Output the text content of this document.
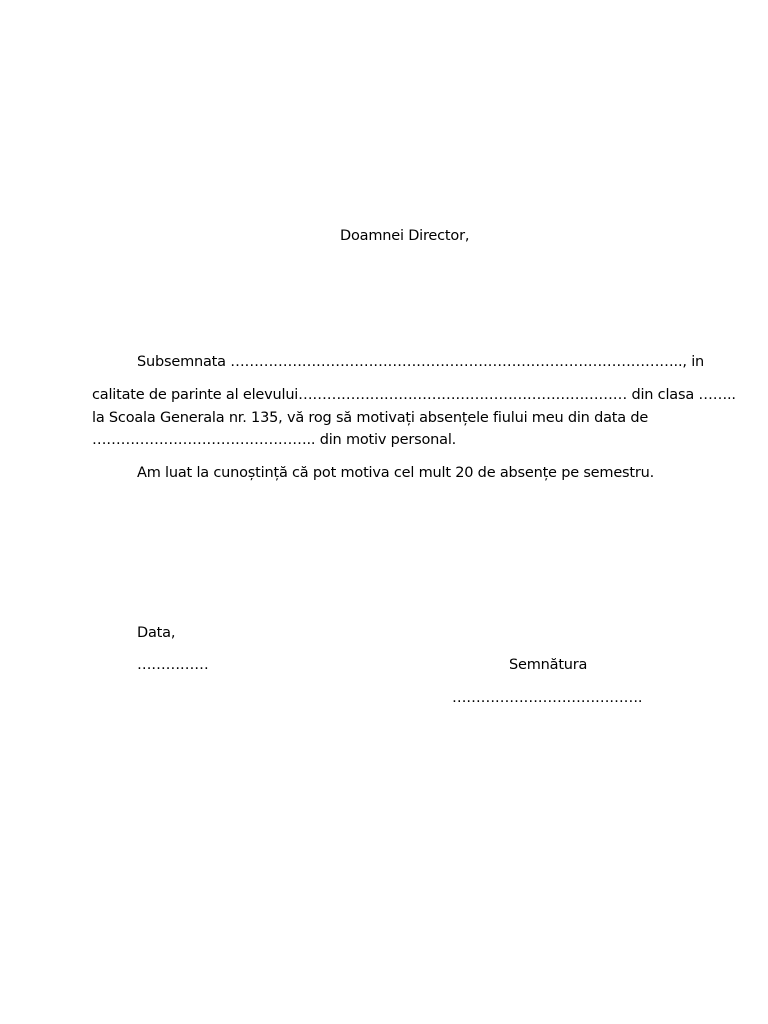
Doamnei Director,
Subsemnata ………………………………………………………………………………….., in
calitate de parinte al elevului…………………………………………………………… din clasa ……..
la Scoala Generala nr. 135, vă rog să motivați absențele fiului meu din data de
……………………………………….. din motiv personal.
Am luat la cunoștință că pot motiva cel mult 20 de absențe pe semestru.
Data,
……………	Semnătura
………………………………….
